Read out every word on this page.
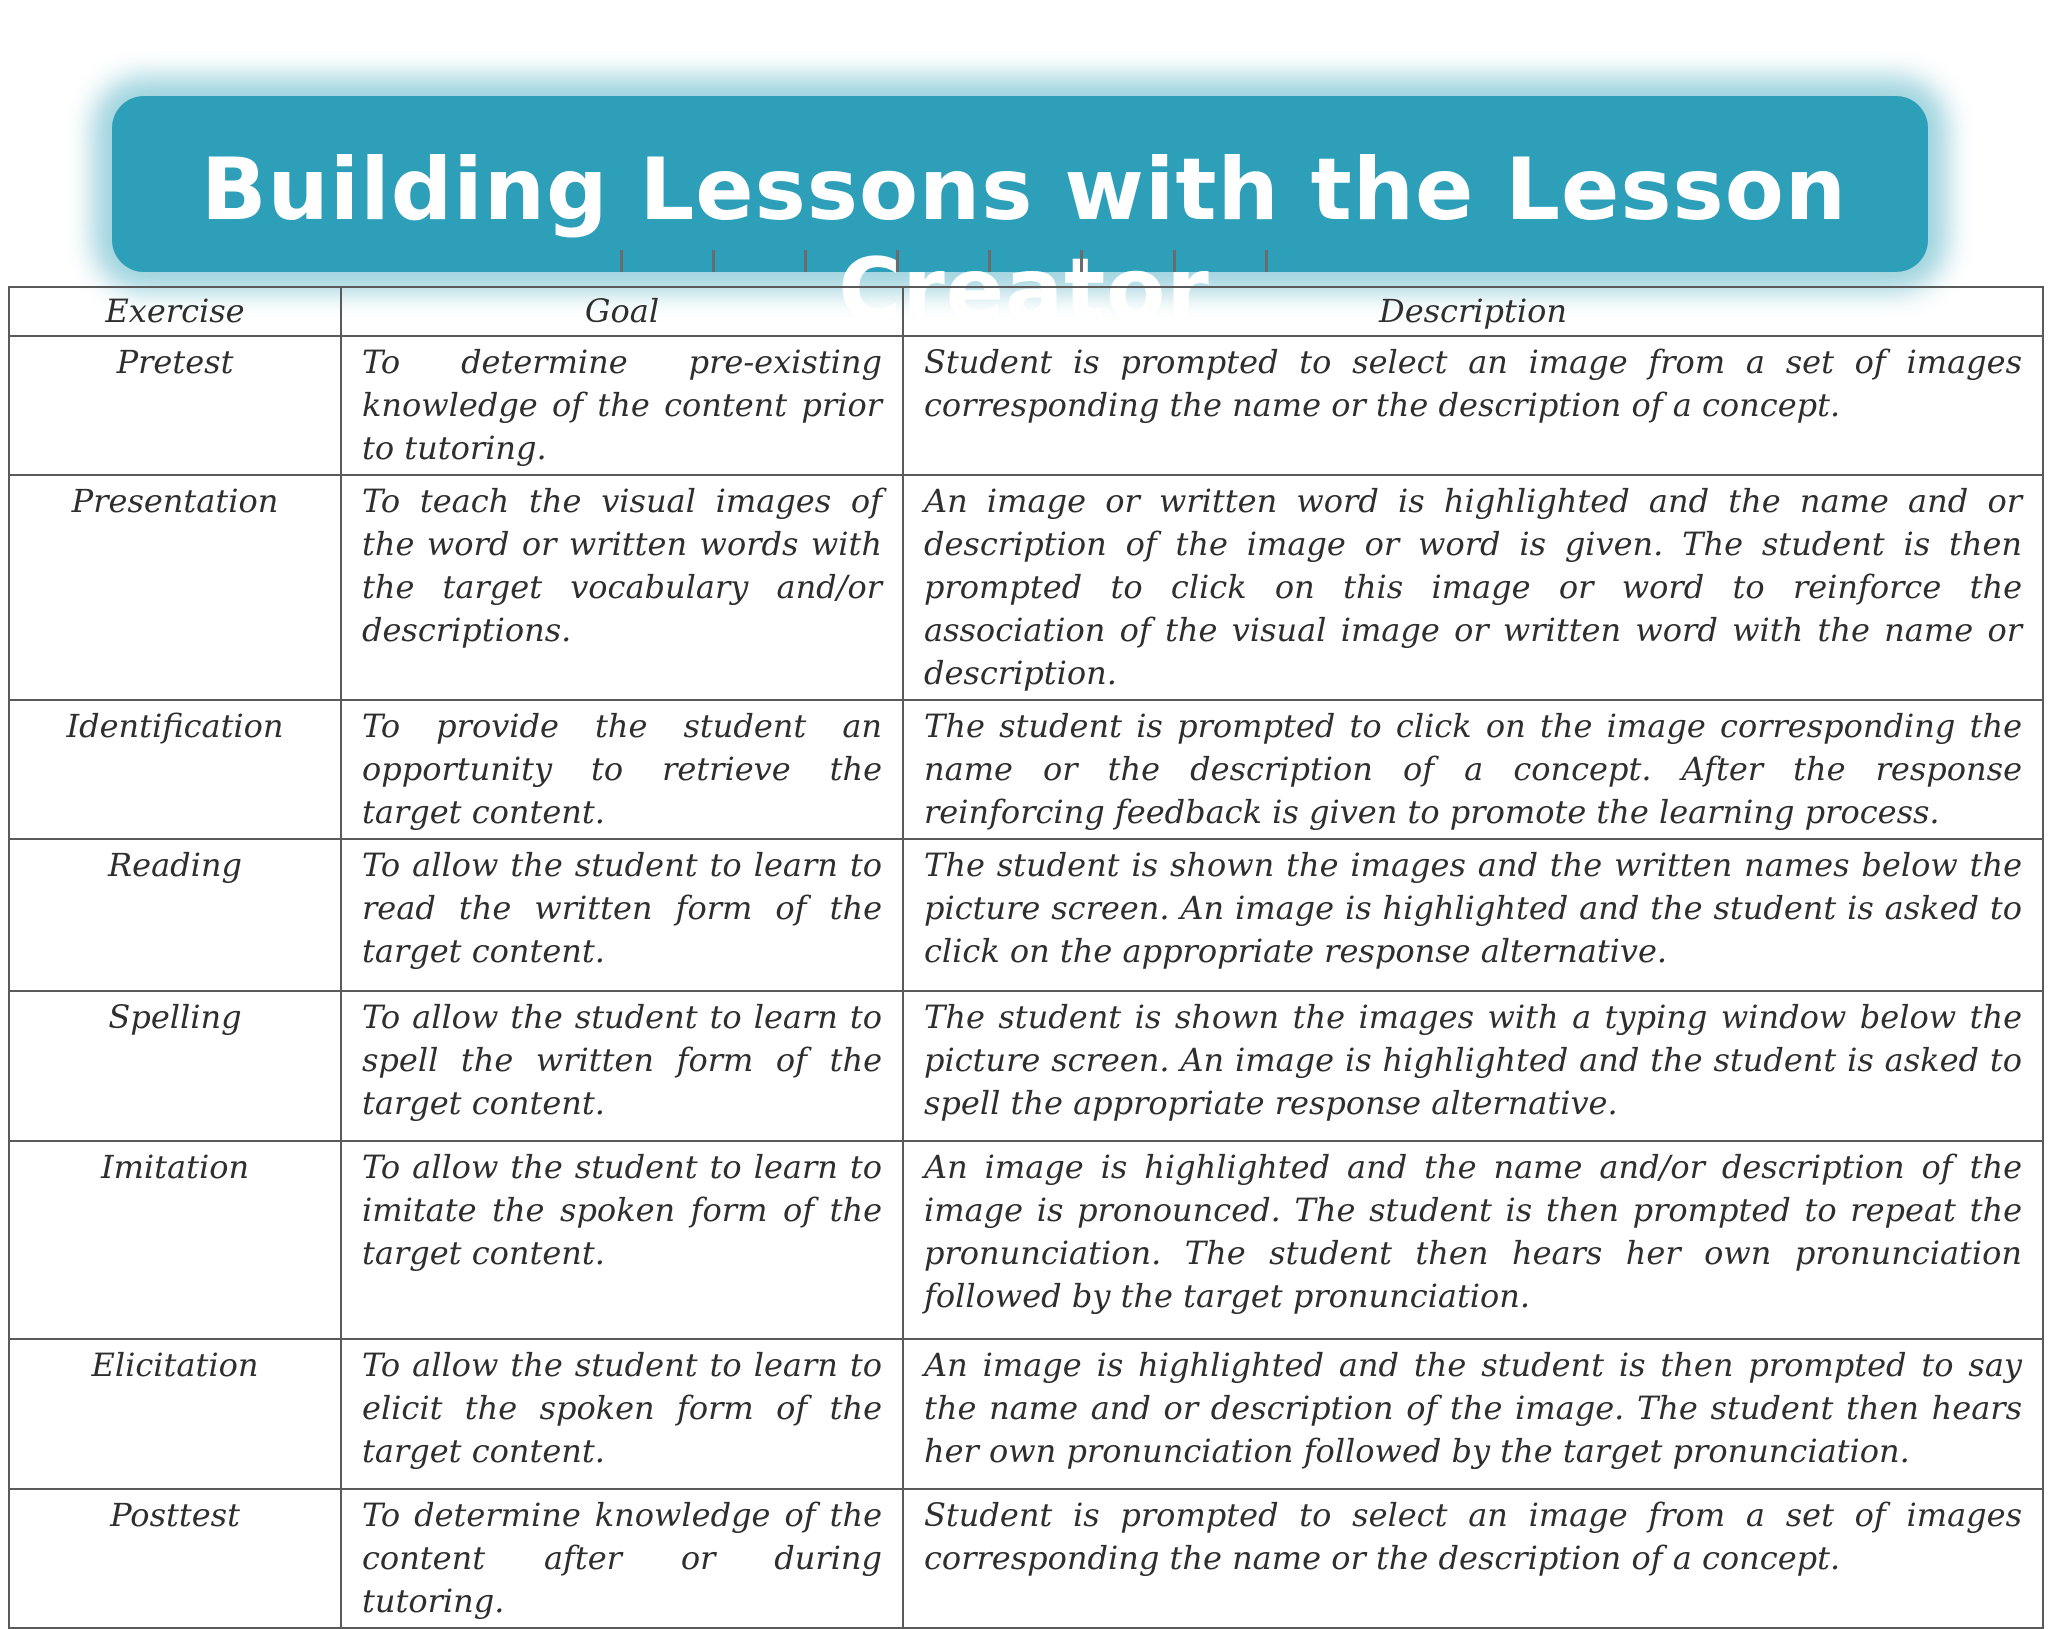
Building Lessons with the Lesson Creator

Exercise	Goal	Description
Pretest	To determine pre-existing knowledge of the content prior to tutoring.	Student is prompted to select an image from a set of images corresponding the name or the description of a concept.
Presentation	To teach the visual images of the word or written words with the target vocabulary and/or descriptions.	An image or written word is highlighted and the name and or description of the image or word is given. The student is then prompted to click on this image or word to reinforce the association of the visual image or written word with the name or description.
Identification	To provide the student an opportunity to retrieve the target content.	The student is prompted to click on the image corresponding the name or the description of a concept. After the response reinforcing feedback is given to promote the learning process.
Reading	To allow the student to learn to read the written form of the target content.	The student is shown the images and the written names below the picture screen. An image is highlighted and the student is asked to click on the appropriate response alternative.
Spelling	To allow the student to learn to spell the written form of the target content.	The student is shown the images with a typing window below the picture screen. An image is highlighted and the student is asked to spell the appropriate response alternative.
Imitation	To allow the student to learn to imitate the spoken form of the target content.	An image is highlighted and the name and/or description of the image is pronounced. The student is then prompted to repeat the pronunciation. The student then hears her own pronunciation followed by the target pronunciation.
Elicitation	To allow the student to learn to elicit the spoken form of the target content.	An image is highlighted and the student is then prompted to say the name and or description of the image. The student then hears her own pronunciation followed by the target pronunciation.
Posttest	To determine knowledge of the content after or during tutoring.	Student is prompted to select an image from a set of images corresponding the name or the description of a concept.
